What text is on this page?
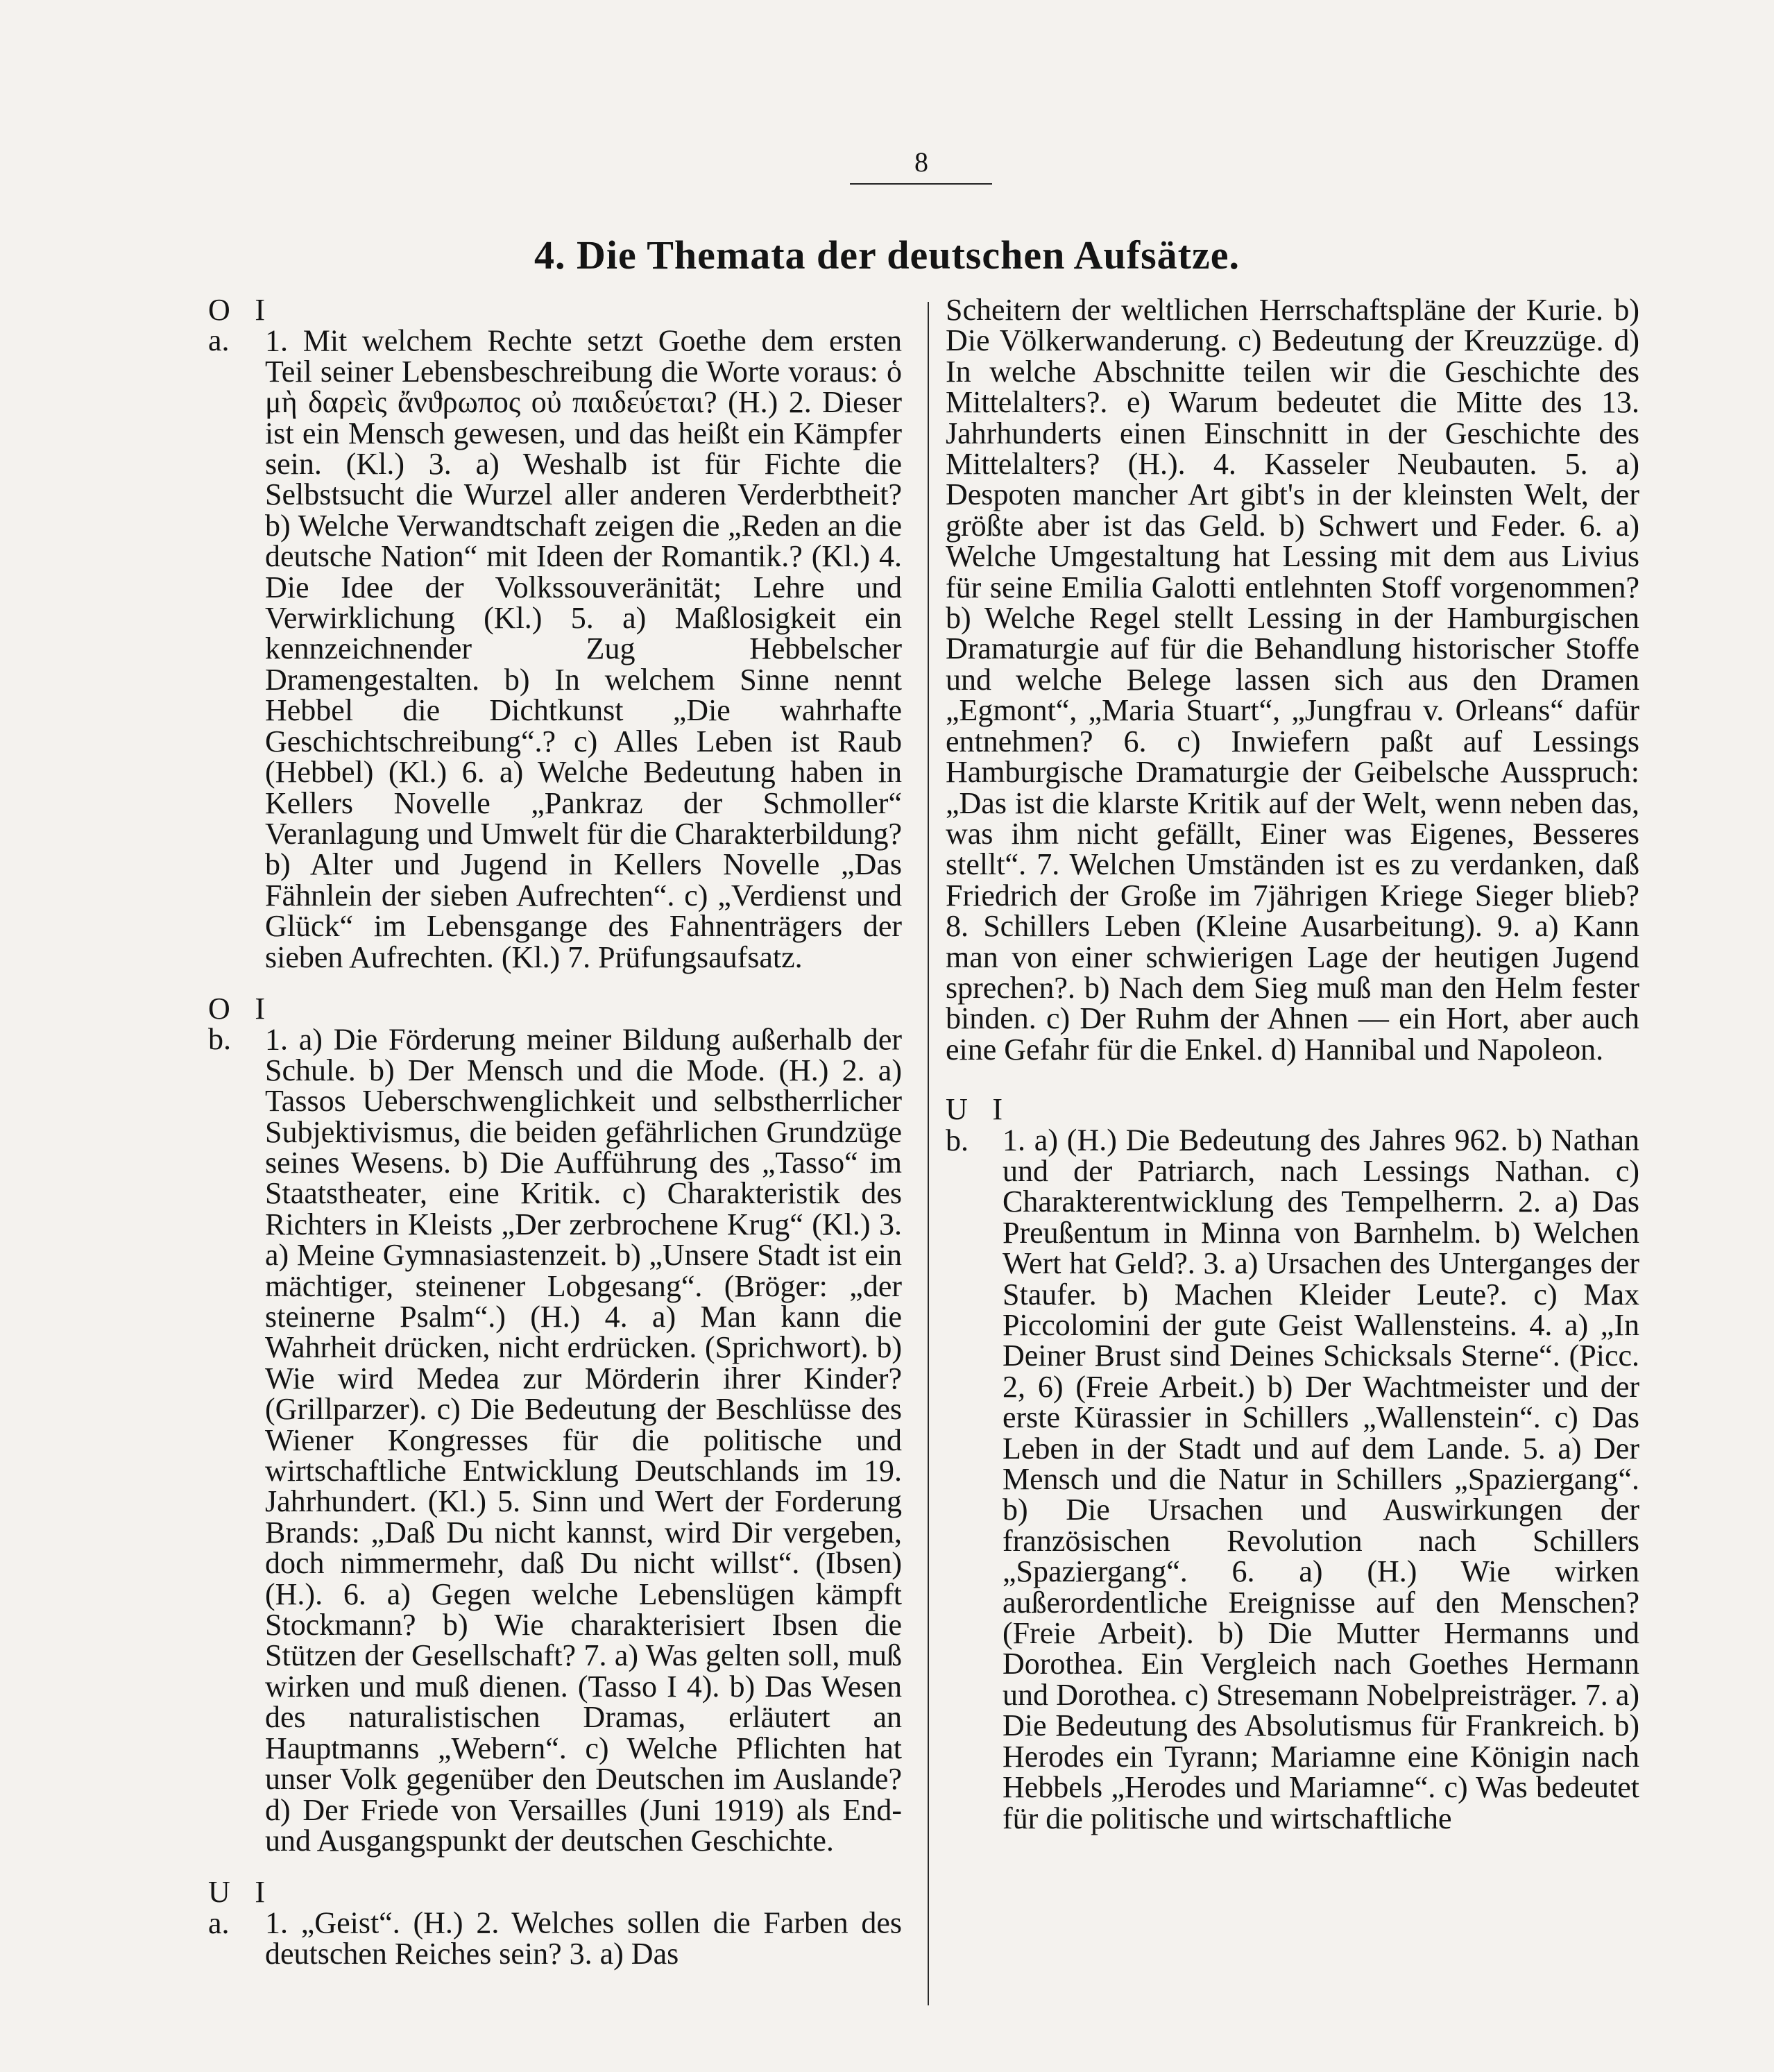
8
4. Die Themata der deutschen Aufsätze.

O I a. 1. Mit welchem Rechte setzt Goethe dem ersten Teil seiner Lebensbeschreibung die Worte voraus: ὁ μὴ δαρεὶς ἄνϑρωπος οὐ παιδεύεται? (H.) 2. Dieser ist ein Mensch gewesen, und das heißt ein Kämpfer sein. (Kl.) 3. a) Weshalb ist für Fichte die Selbstsucht die Wurzel aller anderen Verderbtheit? b) Welche Verwandtschaft zeigen die „Reden an die deutsche Nation“ mit Ideen der Romantik.? (Kl.) 4. Die Idee der Volkssouveränität; Lehre und Verwirklichung (Kl.) 5. a) Maßlosigkeit ein kennzeichnender Zug Hebbelscher Dramengestalten. b) In welchem Sinne nennt Hebbel die Dichtkunst „Die wahrhafte Geschichtschreibung“.? c) Alles Leben ist Raub (Hebbel) (Kl.) 6. a) Welche Bedeutung haben in Kellers Novelle „Pankraz der Schmoller“ Veranlagung und Umwelt für die Charakterbildung? b) Alter und Jugend in Kellers Novelle „Das Fähnlein der sieben Aufrechten“. c) „Verdienst und Glück“ im Lebensgange des Fahnenträgers der sieben Aufrechten. (Kl.) 7. Prüfungsaufsatz.

O I b. 1. a) Die Förderung meiner Bildung außerhalb der Schule. b) Der Mensch und die Mode. (H.) 2. a) Tassos Ueberschwenglichkeit und selbstherrlicher Subjektivismus, die beiden gefährlichen Grundzüge seines Wesens. b) Die Aufführung des „Tasso“ im Staatstheater, eine Kritik. c) Charakteristik des Richters in Kleists „Der zerbrochene Krug“ (Kl.) 3. a) Meine Gymnasiastenzeit. b) „Unsere Stadt ist ein mächtiger, steinener Lobgesang“. (Bröger: „der steinerne Psalm“.) (H.) 4. a) Man kann die Wahrheit drücken, nicht erdrücken. (Sprichwort). b) Wie wird Medea zur Mörderin ihrer Kinder? (Grillparzer). c) Die Bedeutung der Beschlüsse des Wiener Kongresses für die politische und wirtschaftliche Entwicklung Deutschlands im 19. Jahrhundert. (Kl.) 5. Sinn und Wert der Forderung Brands: „Daß Du nicht kannst, wird Dir vergeben, doch nimmermehr, daß Du nicht willst“. (Ibsen) (H.). 6. a) Gegen welche Lebenslügen kämpft Stockmann? b) Wie charakterisiert Ibsen die Stützen der Gesellschaft? 7. a) Was gelten soll, muß wirken und muß dienen. (Tasso I 4). b) Das Wesen des naturalistischen Dramas, erläutert an Hauptmanns „Webern“. c) Welche Pflichten hat unser Volk gegenüber den Deutschen im Auslande? d) Der Friede von Versailles (Juni 1919) als End- und Ausgangspunkt der deutschen Geschichte.

U I a. 1. „Geist“. (H.) 2. Welches sollen die Farben des deutschen Reiches sein? 3. a) Das

Scheitern der weltlichen Herrschaftspläne der Kurie. b) Die Völkerwanderung. c) Bedeutung der Kreuzzüge. d) In welche Abschnitte teilen wir die Geschichte des Mittelalters?. e) Warum bedeutet die Mitte des 13. Jahrhunderts einen Einschnitt in der Geschichte des Mittelalters? (H.). 4. Kasseler Neubauten. 5. a) Despoten mancher Art gibt's in der kleinsten Welt, der größte aber ist das Geld. b) Schwert und Feder. 6. a) Welche Umgestaltung hat Lessing mit dem aus Livius für seine Emilia Galotti entlehnten Stoff vorgenommen? b) Welche Regel stellt Lessing in der Hamburgischen Dramaturgie auf für die Behandlung historischer Stoffe und welche Belege lassen sich aus den Dramen „Egmont“, „Maria Stuart“, „Jungfrau v. Orleans“ dafür entnehmen? 6. c) Inwiefern paßt auf Lessings Hamburgische Dramaturgie der Geibelsche Ausspruch: „Das ist die klarste Kritik auf der Welt, wenn neben das, was ihm nicht gefällt, Einer was Eigenes, Besseres stellt“. 7. Welchen Umständen ist es zu verdanken, daß Friedrich der Große im 7jährigen Kriege Sieger blieb? 8. Schillers Leben (Kleine Ausarbeitung). 9. a) Kann man von einer schwierigen Lage der heutigen Jugend sprechen?. b) Nach dem Sieg muß man den Helm fester binden. c) Der Ruhm der Ahnen — ein Hort, aber auch eine Gefahr für die Enkel. d) Hannibal und Napoleon.

U I b. 1. a) (H.) Die Bedeutung des Jahres 962. b) Nathan und der Patriarch, nach Lessings Nathan. c) Charakterentwicklung des Tempelherrn. 2. a) Das Preußentum in Minna von Barnhelm. b) Welchen Wert hat Geld?. 3. a) Ursachen des Unterganges der Staufer. b) Machen Kleider Leute?. c) Max Piccolomini der gute Geist Wallensteins. 4. a) „In Deiner Brust sind Deines Schicksals Sterne“. (Picc. 2, 6) (Freie Arbeit.) b) Der Wachtmeister und der erste Kürassier in Schillers „Wallenstein“. c) Das Leben in der Stadt und auf dem Lande. 5. a) Der Mensch und die Natur in Schillers „Spaziergang“. b) Die Ursachen und Auswirkungen der französischen Revolution nach Schillers „Spaziergang“. 6. a) (H.) Wie wirken außerordentliche Ereignisse auf den Menschen? (Freie Arbeit). b) Die Mutter Hermanns und Dorothea. Ein Vergleich nach Goethes Hermann und Dorothea. c) Stresemann Nobelpreisträger. 7. a) Die Bedeutung des Absolutismus für Frankreich. b) Herodes ein Tyrann; Mariamne eine Königin nach Hebbels „Herodes und Mariamne“. c) Was bedeutet für die politische und wirtschaftliche
